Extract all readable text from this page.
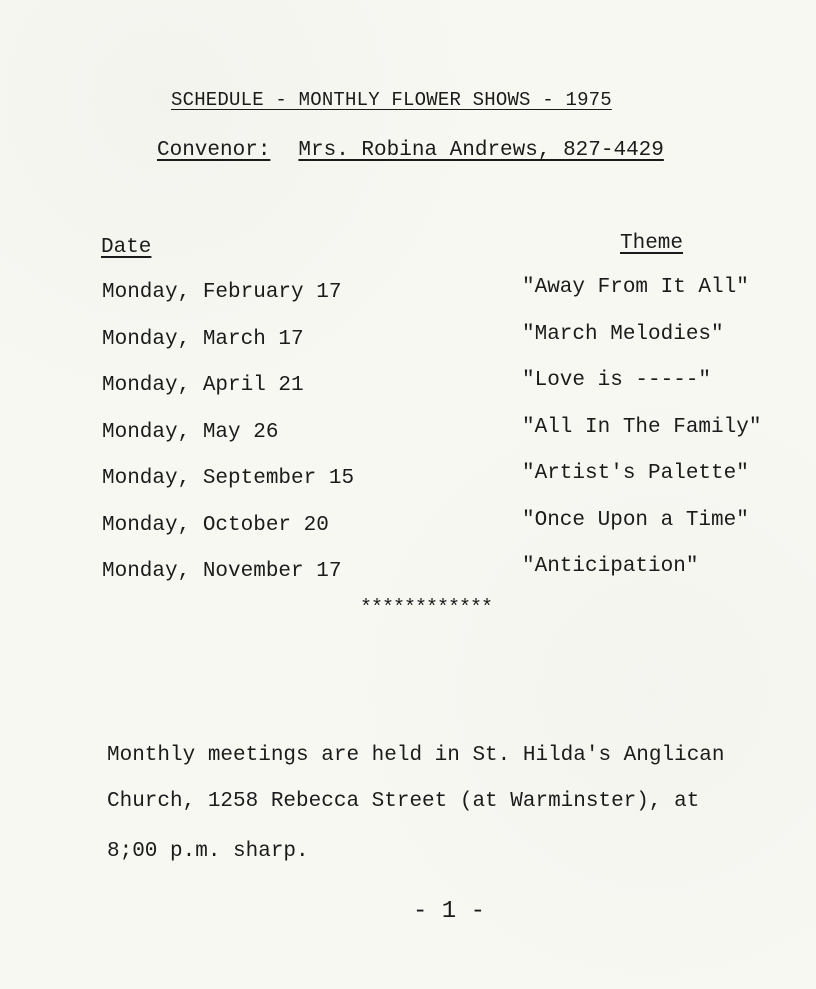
SCHEDULE - MONTHLY FLOWER SHOWS - 1975
Convenor: Mrs. Robina Andrews, 827-4429
Date	Theme
Monday, February 17	"Away From It All"
Monday, March 17	"March Melodies"
Monday, April 21	"Love is -----"
Monday, May 26	"All In The Family"
Monday, September 15	"Artist's Palette"
Monday, October 20	"Once Upon a Time"
Monday, November 17	"Anticipation"
************
Monthly meetings are held in St. Hilda's Anglican
Church, 1258 Rebecca Street (at Warminster), at
8;00 p.m. sharp.
- 1 -
